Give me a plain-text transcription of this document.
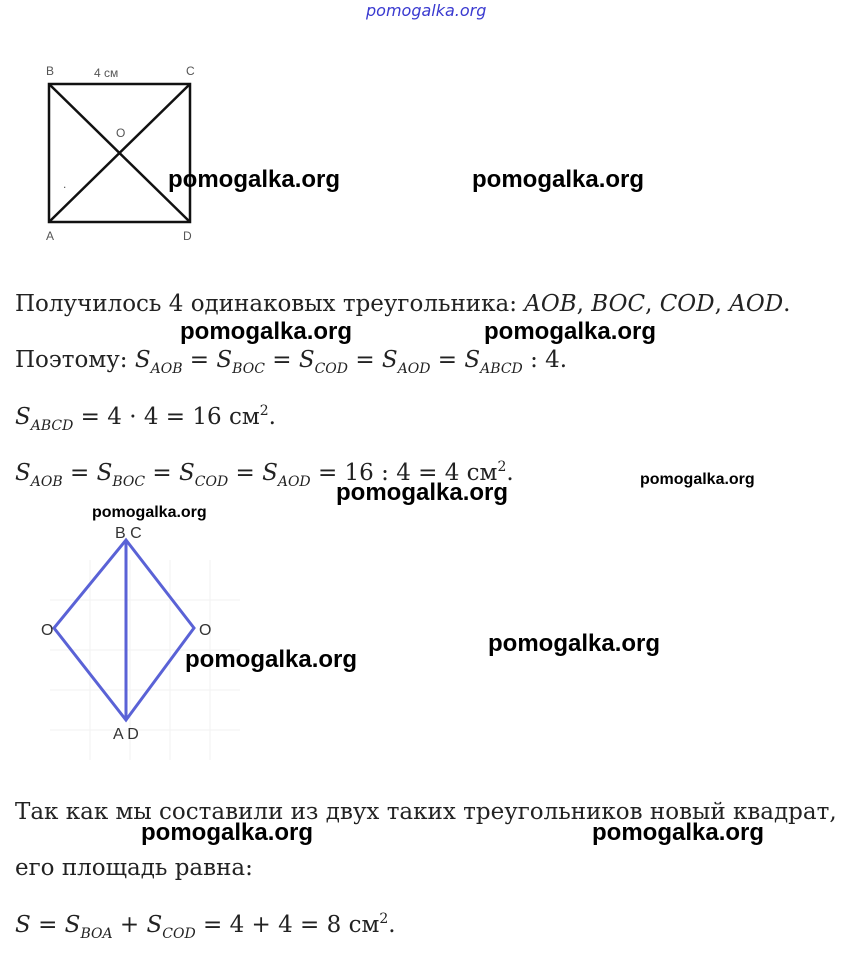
pomogalka.org
B	C
A	D
O
4 см
.	pomogalka.org	pomogalka.org
Получилось 4 одинаковых треугольника: AOB, BOC, COD, AOD.
pomogalka.org	pomogalka.org
Поэтому: $S_{AOB} = S_{BOC} = S_{COD} = S_{AOD} = S_{ABCD}$ : 4.
$S_{ABCD} = 4 \cdot 4 = 16$ $см^2$.
$S_{AOB} = S_{BOC} = S_{COD} = S_{AOD} = 16$ : 4 = 4 $см^2$.
pomogalka.org	pomogalka.org
pomogalka.org
B C
O	O
A D
pomogalka.org
pomogalka.org
Так как мы составили из двух таких треугольников новый квадрат,
pomogalka.org	pomogalka.org
его площадь равна:
$S = S_{BOA} + S_{COD} = 4 + 4 = 8$ $см^2$.
